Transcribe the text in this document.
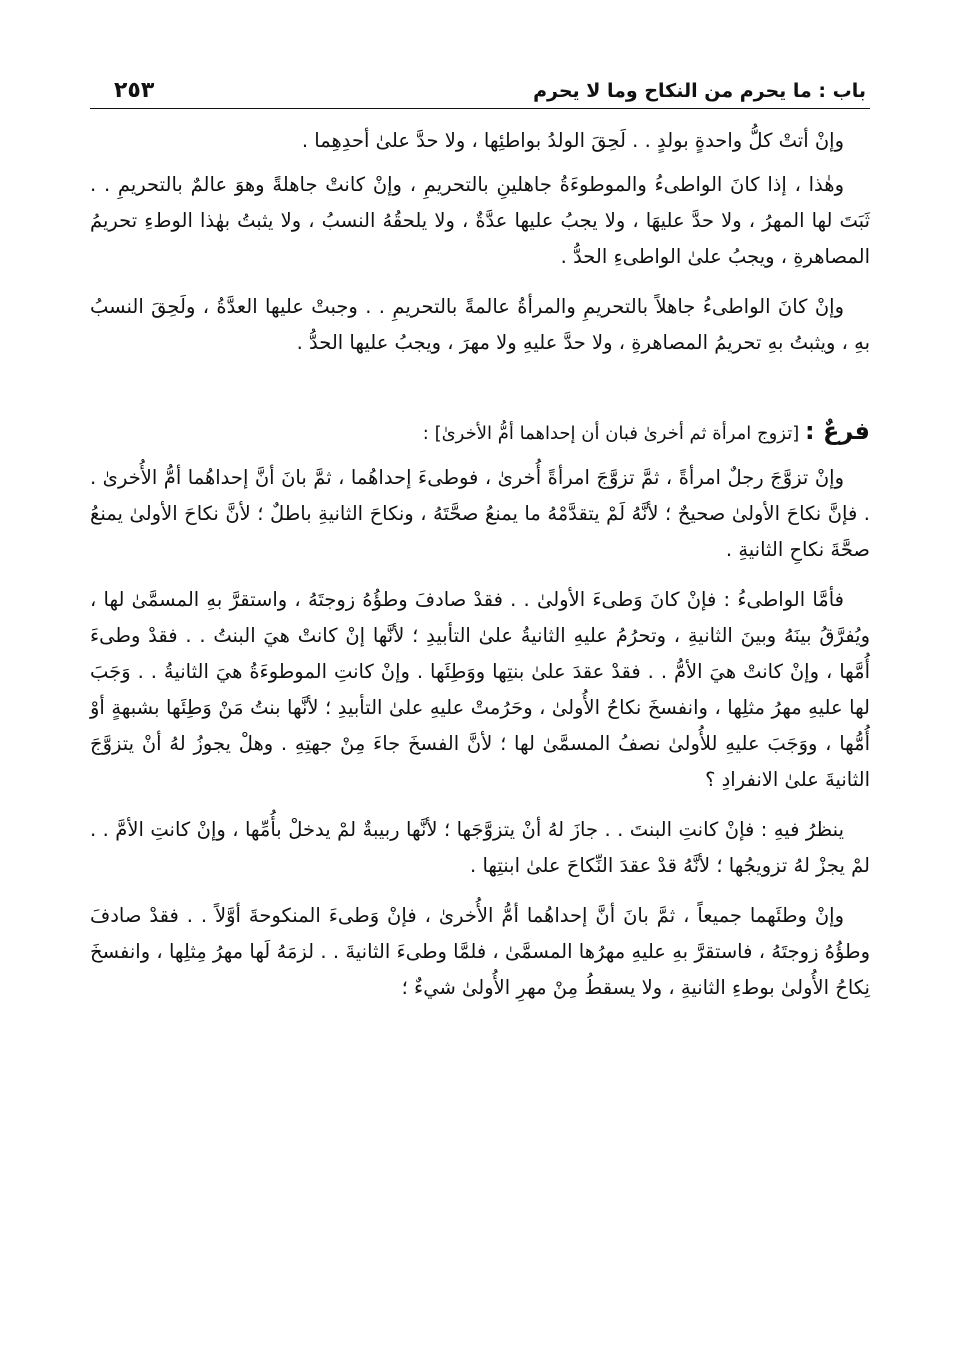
باب : ما يحرم من النكاح وما لا يحرم
٢٥٣

وإنْ أتتْ كلُّ واحدةٍ بولدٍ . . لَحِقَ الولدُ بواطئِها ، ولا حدَّ علىٰ أحدِهِما .

وهٰذا ، إذا كانَ الواطىءُ والموطوءَةُ جاهلينِ بالتحريمِ ، وإنْ كانتْ جاهلةً وهوَ عالمٌ بالتحريمِ . . ثَبَتَ لها المهرُ ، ولا حدَّ عليهَا ، ولا يجبُ عليها عدَّةٌ ، ولا يلحقُهُ النسبُ ، ولا يثبتُ بهٰذا الوطءِ تحريمُ المصاهرةِ ، ويجبُ علىٰ الواطىءِ الحدُّ .

وإنْ كانَ الواطىءُ جاهلاً بالتحريمِ والمرأةُ عالمةً بالتحريمِ . . وجبتْ عليها العدَّةُ ، ولَحِقَ النسبُ بهِ ، ويثبتُ بهِ تحريمُ المصاهرةِ ، ولا حدَّ عليهِ ولا مهرَ ، ويجبُ عليها الحدُّ .

فرعٌ : [تزوج امرأة ثم أخرىٰ فبان أن إحداهما أمُّ الأخرىٰ] :

وإنْ تزوَّجَ رجلٌ امرأةً ، ثمَّ تزوَّجَ امرأةً أُخرىٰ ، فوطىءَ إحداهُما ، ثمَّ بانَ أنَّ إحداهُما أمُّ الأُخرىٰ . . فإنَّ نكاحَ الأولىٰ صحيحٌ ؛ لأنَّهُ لَمْ يتقدَّمْهُ ما يمنعُ صحَّتَهُ ، ونكاحَ الثانيةِ باطلٌ ؛ لأنَّ نكاحَ الأولىٰ يمنعُ صحَّةَ نكاحِ الثانيةِ .

فأمَّا الواطىءُ : فإنْ كانَ وَطىءَ الأولىٰ . . فقدْ صادفَ وطؤُهُ زوجتَهُ ، واستقرَّ بهِ المسمَّىٰ لها ، ويُفرَّقُ بينَهُ وبينَ الثانيةِ ، وتحرُمُ عليهِ الثانيةُ علىٰ التأبيدِ ؛ لأنَّها إنْ كانتْ هيَ البنتُ . . فقدْ وطىءَ أُمَّها ، وإنْ كانتْ هيَ الأمُّ . . فقدْ عقدَ علىٰ بنتِها ووَطِئَها . وإنْ كانتِ الموطوءَةُ هيَ الثانيةُ . . وَجَبَ لها عليهِ مهرُ مثلِها ، وانفسخَ نكاحُ الأُولىٰ ، وحَرُمتْ عليهِ علىٰ التأبيدِ ؛ لأنَّها بنتُ مَنْ وَطِئَها بشبهةٍ أوْ أُمُّها ، ووَجَبَ عليهِ للأُولىٰ نصفُ المسمَّىٰ لها ؛ لأنَّ الفسخَ جاءَ مِنْ جهتِهِ . وهلْ يجوزُ لهُ أنْ يتزوَّجَ الثانيةَ علىٰ الانفرادِ ؟

ينظرُ فيهِ : فإنْ كانتِ البنتَ . . جازَ لهُ أنْ يتزوَّجَها ؛ لأنَّها ربيبةٌ لمْ يدخلْ بأُمِّها ، وإنْ كانتِ الأمَّ . . لمْ يجزْ لهُ تزويجُها ؛ لأنَّهُ قدْ عقدَ النِّكاحَ علىٰ ابنتِها .

وإنْ وطئَهما جميعاً ، ثمَّ بانَ أنَّ إحداهُما أمُّ الأُخرىٰ ، فإنْ وَطىءَ المنكوحةَ أوَّلاً . . فقدْ صادفَ وطؤُهُ زوجتَهُ ، فاستقرَّ بهِ عليهِ مهرُها المسمَّىٰ ، فلمَّا وطىءَ الثانيةَ . . لزمَهُ لَها مهرُ مِثلِها ، وانفسخَ نِكاحُ الأُولىٰ بوطءِ الثانيةِ ، ولا يسقطُ مِنْ مهرِ الأُولىٰ شيءٌ ؛
